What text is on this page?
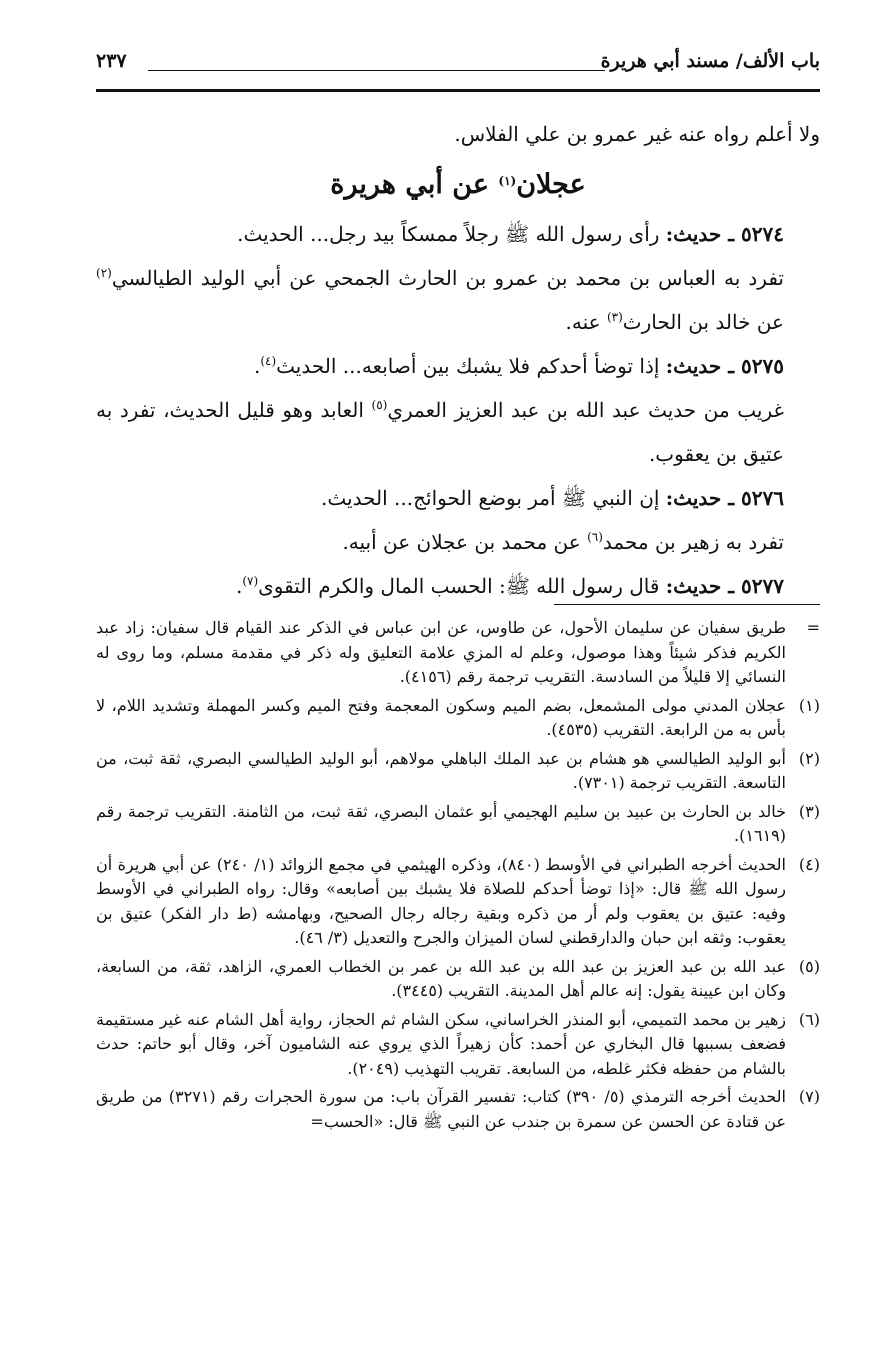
باب الألف/ مسند أبي هريرة
٢٣٧

ولا أعلم رواه عنه غير عمرو بن علي الفلاس.

عجلان$^{(١)}$ عن أبي هريرة

٥٢٧٤ ـ حديث: رأى رسول الله ﷺ رجلاً ممسكاً بيد رجل... الحديث.

تفرد به العباس بن محمد بن عمرو بن الحارث الجمحي عن أبي الوليد الطيالسي$^{(٢)}$ عن خالد بن الحارث$^{(٣)}$ عنه.

٥٢٧٥ ـ حديث: إذا توضأ أحدكم فلا يشبك بين أصابعه... الحديث$^{(٤)}$.

غريب من حديث عبد الله بن عبد العزيز العمري$^{(٥)}$ العابد وهو قليل الحديث، تفرد به عتيق بن يعقوب.

٥٢٧٦ ـ حديث: إن النبي ﷺ أمر بوضع الحوائج... الحديث.

تفرد به زهير بن محمد$^{(٦)}$ عن محمد بن عجلان عن أبيه.

٥٢٧٧ ـ حديث: قال رسول الله ﷺ: الحسب المال والكرم التقوى$^{(٧)}$.

=
طريق سفيان عن سليمان الأحول، عن طاوس، عن ابن عباس في الذكر عند القيام قال سفيان: زاد عبد الكريم فذكر شيئاً وهذا موصول، وعلم له المزي علامة التعليق وله ذكر في مقدمة مسلم، وما روى له النسائي إلا قليلاً من السادسة. التقريب ترجمة رقم (٤١٥٦).
(١)
عجلان المدني مولى المشمعل، بضم الميم وسكون المعجمة وفتح الميم وكسر المهملة وتشديد اللام، لا بأس به من الرابعة. التقريب (٤٥٣٥).
(٢)
أبو الوليد الطيالسي هو هشام بن عبد الملك الباهلي مولاهم، أبو الوليد الطيالسي البصري، ثقة ثبت، من التاسعة. التقريب ترجمة (٧٣٠١).
(٣)
خالد بن الحارث بن عبيد بن سليم الهجيمي أبو عثمان البصري، ثقة ثبت، من الثامنة. التقريب ترجمة رقم (١٦١٩).
(٤)
الحديث أخرجه الطبراني في الأوسط (٨٤٠)، وذكره الهيثمي في مجمع الزوائد (١/ ٢٤٠) عن أبي هريرة أن رسول الله ﷺ قال: «إذا توضأ أحدكم للصلاة فلا يشبك بين أصابعه» وقال: رواه الطبراني في الأوسط وفيه: عتيق بن يعقوب ولم أر من ذكره وبقية رجاله رجال الصحيح، وبهامشه (ط دار الفكر) عتيق بن يعقوب: وثقه ابن حبان والدارقطني لسان الميزان والجرح والتعديل (٣/ ٤٦).
(٥)
عبد الله بن عبد العزيز بن عبد الله بن عبد الله بن عمر بن الخطاب العمري، الزاهد، ثقة، من السابعة، وكان ابن عيينة يقول: إنه عالم أهل المدينة. التقريب (٣٤٤٥).
(٦)
زهير بن محمد التميمي، أبو المنذر الخراساني، سكن الشام ثم الحجاز، رواية أهل الشام عنه غير مستقيمة فضعف بسببها قال البخاري عن أحمد: كأن زهيراً الذي يروي عنه الشاميون آخر، وقال أبو حاتم: حدث بالشام من حفظه فكثر غلطه، من السابعة. تقريب التهذيب (٢٠٤٩).
(٧)
الحديث أخرجه الترمذي (٥/ ٣٩٠) كتاب: تفسير القرآن باب: من سورة الحجرات رقم (٣٢٧١) من طريق عن قتادة عن الحسن عن سمرة بن جندب عن النبي ﷺ قال: «الحسب=
